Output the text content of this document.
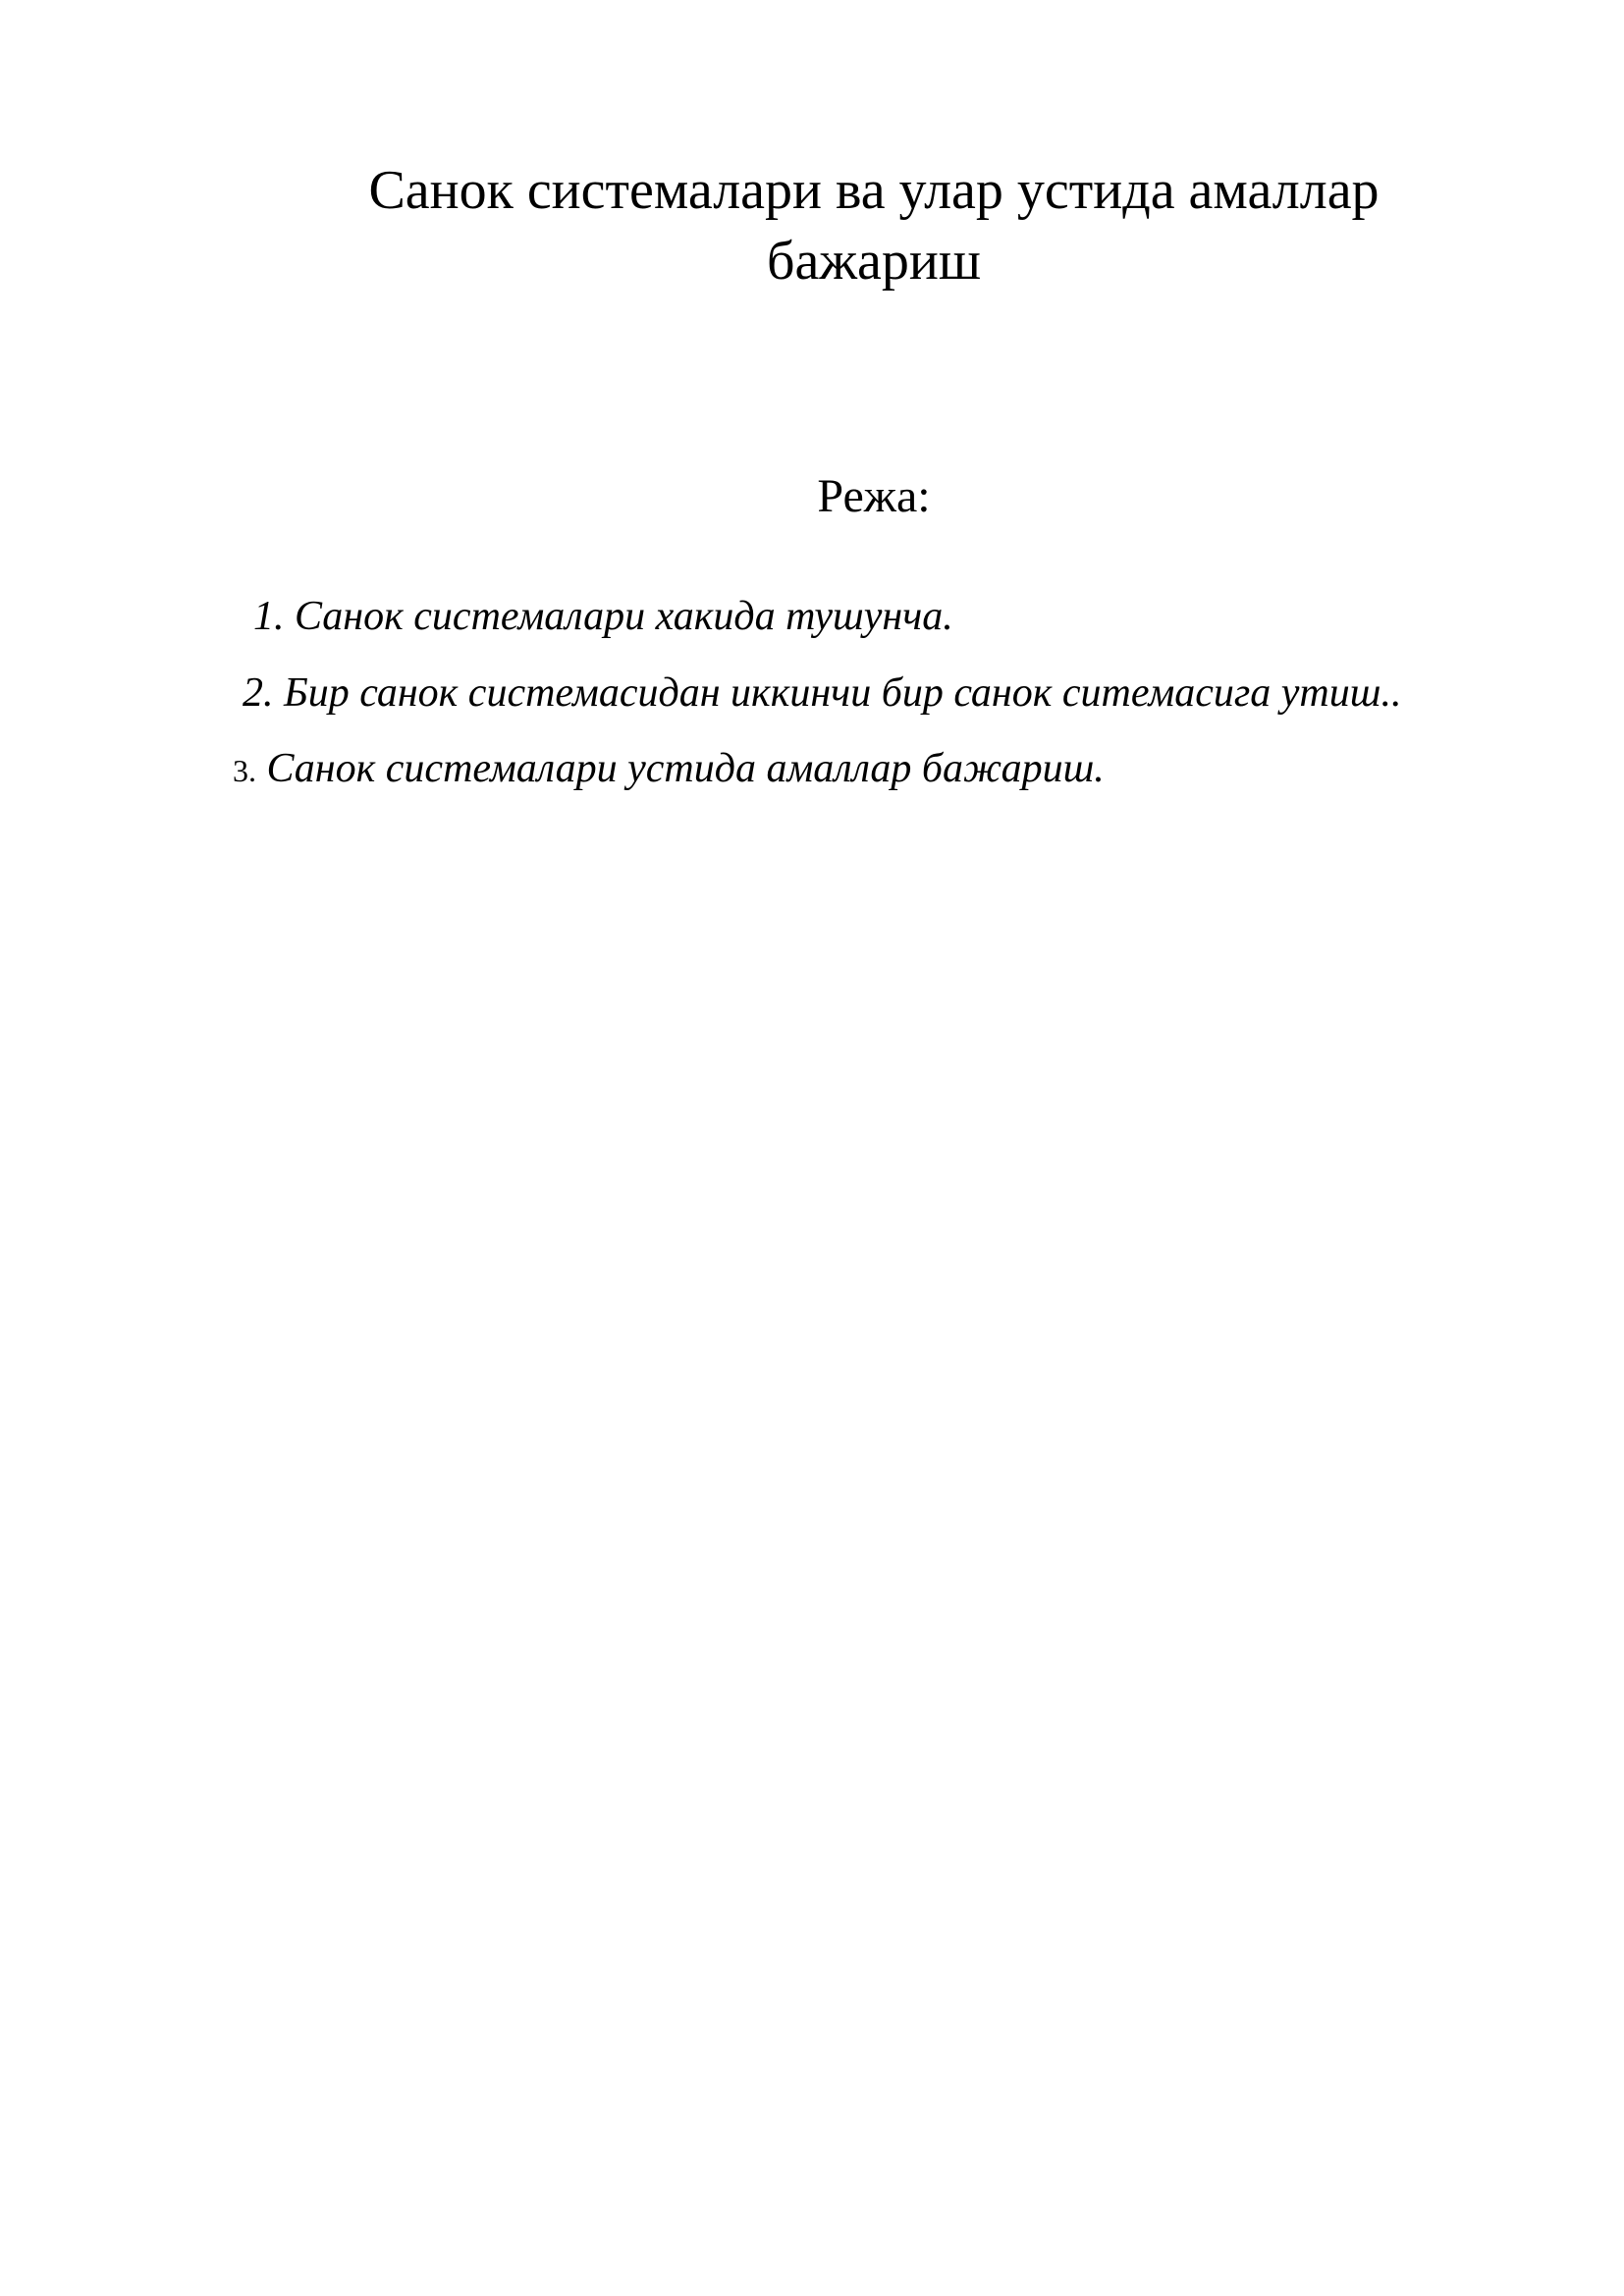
Санок системалари ва улар устида амаллар бажариш
Режа:
1. Санок системалари хакида тушунча.
2. Бир санок системасидан иккинчи бир санок ситемасига утиш..
3. Санок системалари устида амаллар бажариш.
